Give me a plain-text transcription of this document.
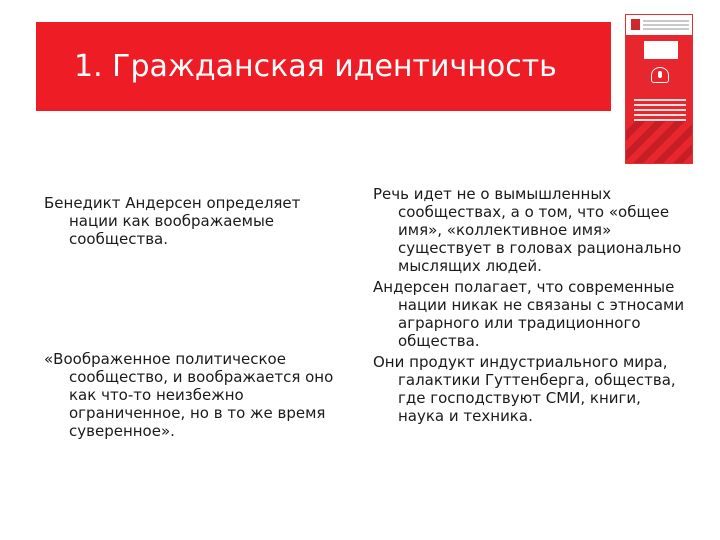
1. Гражданская идентичность

Бенедикт Андерсен определяет нации как воображаемые сообщества.

«Воображенное политическое сообщество, и воображается оно как что-то неизбежно ограниченное, но в то же время суверенное».

Речь идет не о вымышленных сообществах, а о том, что «общее имя», «коллективное имя» существует в головах рационально мыслящих людей.

Андерсен полагает, что современные нации никак не связаны с этносами аграрного или традиционного общества.

Они продукт индустриального мира, галактики Гуттенберга, общества, где господствуют СМИ, книги, наука и техника.
